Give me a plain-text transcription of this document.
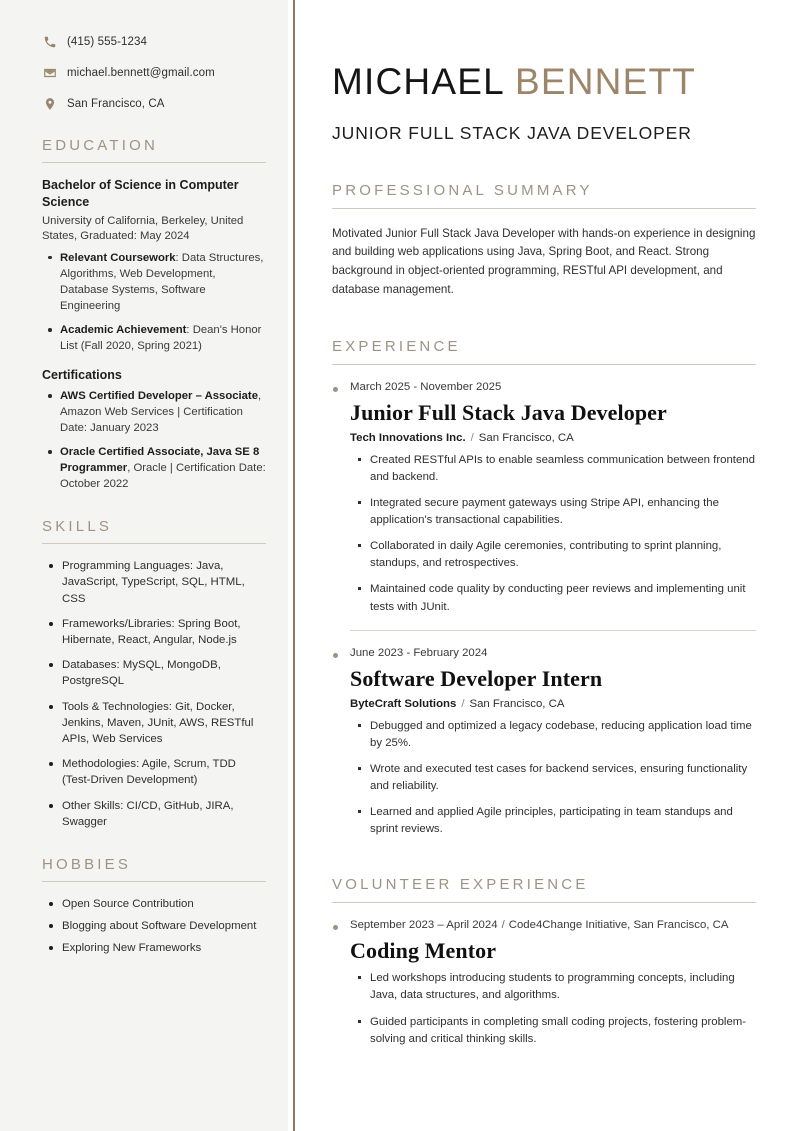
(415) 555-1234
michael.bennett@gmail.com
San Francisco, CA
EDUCATION
Bachelor of Science in Computer Science
University of California, Berkeley, United States, Graduated: May 2024
Relevant Coursework: Data Structures, Algorithms, Web Development, Database Systems, Software Engineering
Academic Achievement: Dean's Honor List (Fall 2020, Spring 2021)
Certifications
AWS Certified Developer – Associate, Amazon Web Services | Certification Date: January 2023
Oracle Certified Associate, Java SE 8 Programmer, Oracle | Certification Date: October 2022
SKILLS
Programming Languages: Java, JavaScript, TypeScript, SQL, HTML, CSS
Frameworks/Libraries: Spring Boot, Hibernate, React, Angular, Node.js
Databases: MySQL, MongoDB, PostgreSQL
Tools & Technologies: Git, Docker, Jenkins, Maven, JUnit, AWS, RESTful APIs, Web Services
Methodologies: Agile, Scrum, TDD (Test-Driven Development)
Other Skills: CI/CD, GitHub, JIRA, Swagger
HOBBIES
Open Source Contribution
Blogging about Software Development
Exploring New Frameworks
MICHAEL BENNETT
JUNIOR FULL STACK JAVA DEVELOPER
PROFESSIONAL SUMMARY

Motivated Junior Full Stack Java Developer with hands-on experience in designing and building web applications using Java, Spring Boot, and React. Strong background in object-oriented programming, RESTful API development, and database management.

EXPERIENCE

March 2025 - November 2025

Junior Full Stack Java Developer

Tech Innovations Inc. / San Francisco, CA

Created RESTful APIs to enable seamless communication between frontend and backend.
Integrated secure payment gateways using Stripe API, enhancing the application's transactional capabilities.
Collaborated in daily Agile ceremonies, contributing to sprint planning, standups, and retrospectives.
Maintained code quality by conducting peer reviews and implementing unit tests with JUnit.

June 2023 - February 2024

Software Developer Intern

ByteCraft Solutions / San Francisco, CA

Debugged and optimized a legacy codebase, reducing application load time by 25%.
Wrote and executed test cases for backend services, ensuring functionality and reliability.
Learned and applied Agile principles, participating in team standups and sprint reviews.
VOLUNTEER EXPERIENCE

September 2023 – April 2024 / Code4Change Initiative, San Francisco, CA

Coding Mentor
Led workshops introducing students to programming concepts, including Java, data structures, and algorithms.
Guided participants in completing small coding projects, fostering problem-solving and critical thinking skills.
